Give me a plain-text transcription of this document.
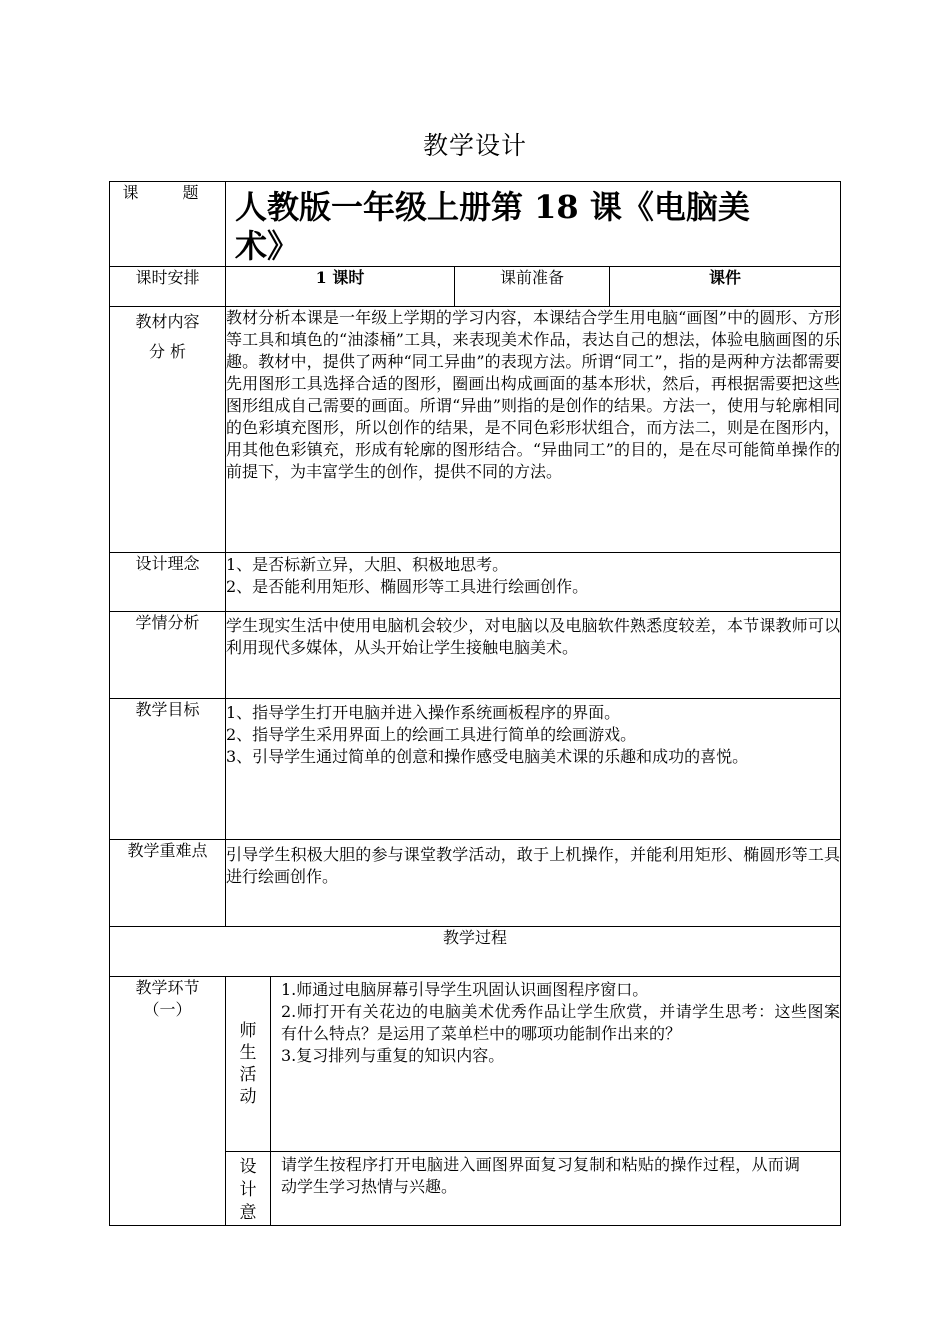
教学设计
课　题	人教版一年级上册第 18 课《电脑美术》			

课时安排	1 课时		课前准备	课件

教材内容
分 析	教材分析本课是一年级上学期的学习内容，本课结合学生用电脑“画图”中的圆形、方形等工具和填色的“油漆桶”工具，来表现美术作品，表达自己的想法，体验电脑画图的乐趣。教材中，提供了两种“同工异曲”的表现方法。所谓“同工”，指的是两种方法都需要先用图形工具选择合适的图形，圈画出构成画面的基本形状，然后，再根据需要把这些图形组成自己需要的画面。所谓“异曲”则指的是创作的结果。方法一，使用与轮廓相同的色彩填充图形，所以创作的结果，是不同色彩形状组合，而方法二，则是在图形内，用其他色彩镇充，形成有轮廓的图形结合。“异曲同工”的目的，是在尽可能简单操作的前提下，为丰富学生的创作，提供不同的方法。			
设计理念	1、是否标新立异，大胆、积极地思考。
2、是否能利用矩形、椭圆形等工具进行绘画创作。			

学情分析	学生现实生活中使用电脑机会较少，对电脑以及电脑软件熟悉度较差，本节课教师可以利用现代多媒体，从头开始让学生接触电脑美术。			
教学目标	1、指导学生打开电脑并进入操作系统画板程序的界面。
2、指导学生采用界面上的绘画工具进行简单的绘画游戏。
3、引导学生通过简单的创意和操作感受电脑美术课的乐趣和成功的喜悦。			

教学重难点	引导学生积极大胆的参与课堂教学活动，敢于上机操作，并能利用矩形、椭圆形等工具进行绘画创作。			
教学过程				

教学环节
（一）	师
生
活
动	1.师通过电脑屏幕引导学生巩固认识画图程序窗口。
2.师打开有关花边的电脑美术优秀作品让学生欣赏，并请学生思考：这些图案有什么特点？是运用了菜单栏中的哪项功能制作出来的？
3.复习排列与重复的知识内容。		

	设
计
意	请学生按程序打开电脑进入画图界面复习复制和粘贴的操作过程，从而调动学生学习热情与兴趣。		
